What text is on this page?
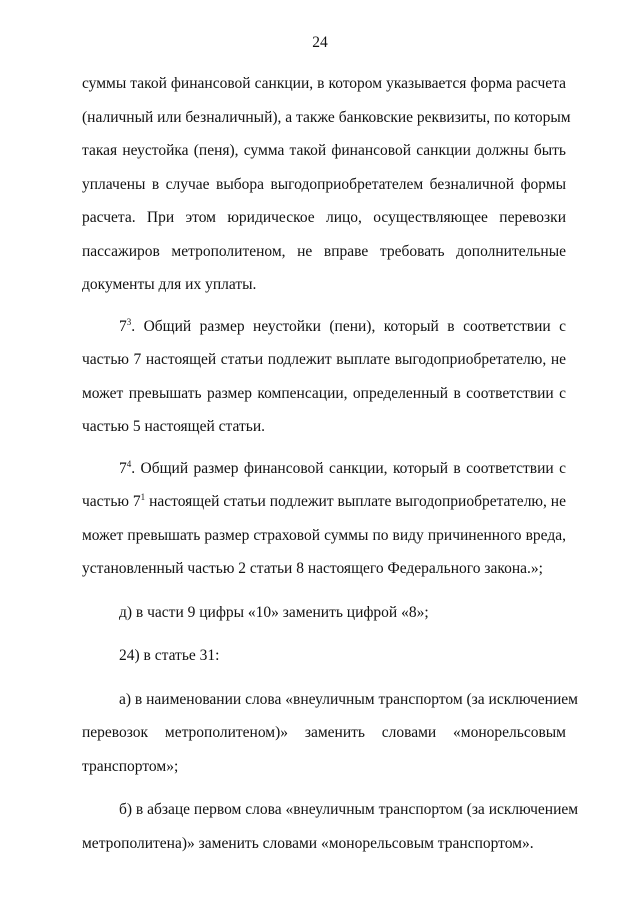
24

суммы такой финансовой санкции, в котором указывается форма расчета
(наличный или безналичный), а также банковские реквизиты, по которым
такая неустойка (пеня), сумма такой финансовой санкции должны быть
уплачены в случае выбора выгодоприобретателем безналичной формы
расчета. При этом юридическое лицо, осуществляющее перевозки
пассажиров метрополитеном, не вправе требовать дополнительные
документы для их уплаты.

$7^3$. Общий размер неустойки (пени), который в соответствии с
частью 7 настоящей статьи подлежит выплате выгодоприобретателю, не
может превышать размер компенсации, определенный в соответствии с
частью 5 настоящей статьи.

$7^4$. Общий размер финансовой санкции, который в соответствии с
частью $7^1$ настоящей статьи подлежит выплате выгодоприобретателю, не
может превышать размер страховой суммы по виду причиненного вреда,
установленный частью 2 статьи 8 настоящего Федерального закона.»;

д) в части 9 цифры «10» заменить цифрой «8»;

24) в статье 31:

а) в наименовании слова «внеуличным транспортом (за исключением
перевозок метрополитеном)» заменить словами «монорельсовым
транспортом»;

б) в абзаце первом слова «внеуличным транспортом (за исключением
метрополитена)» заменить словами «монорельсовым транспортом».
